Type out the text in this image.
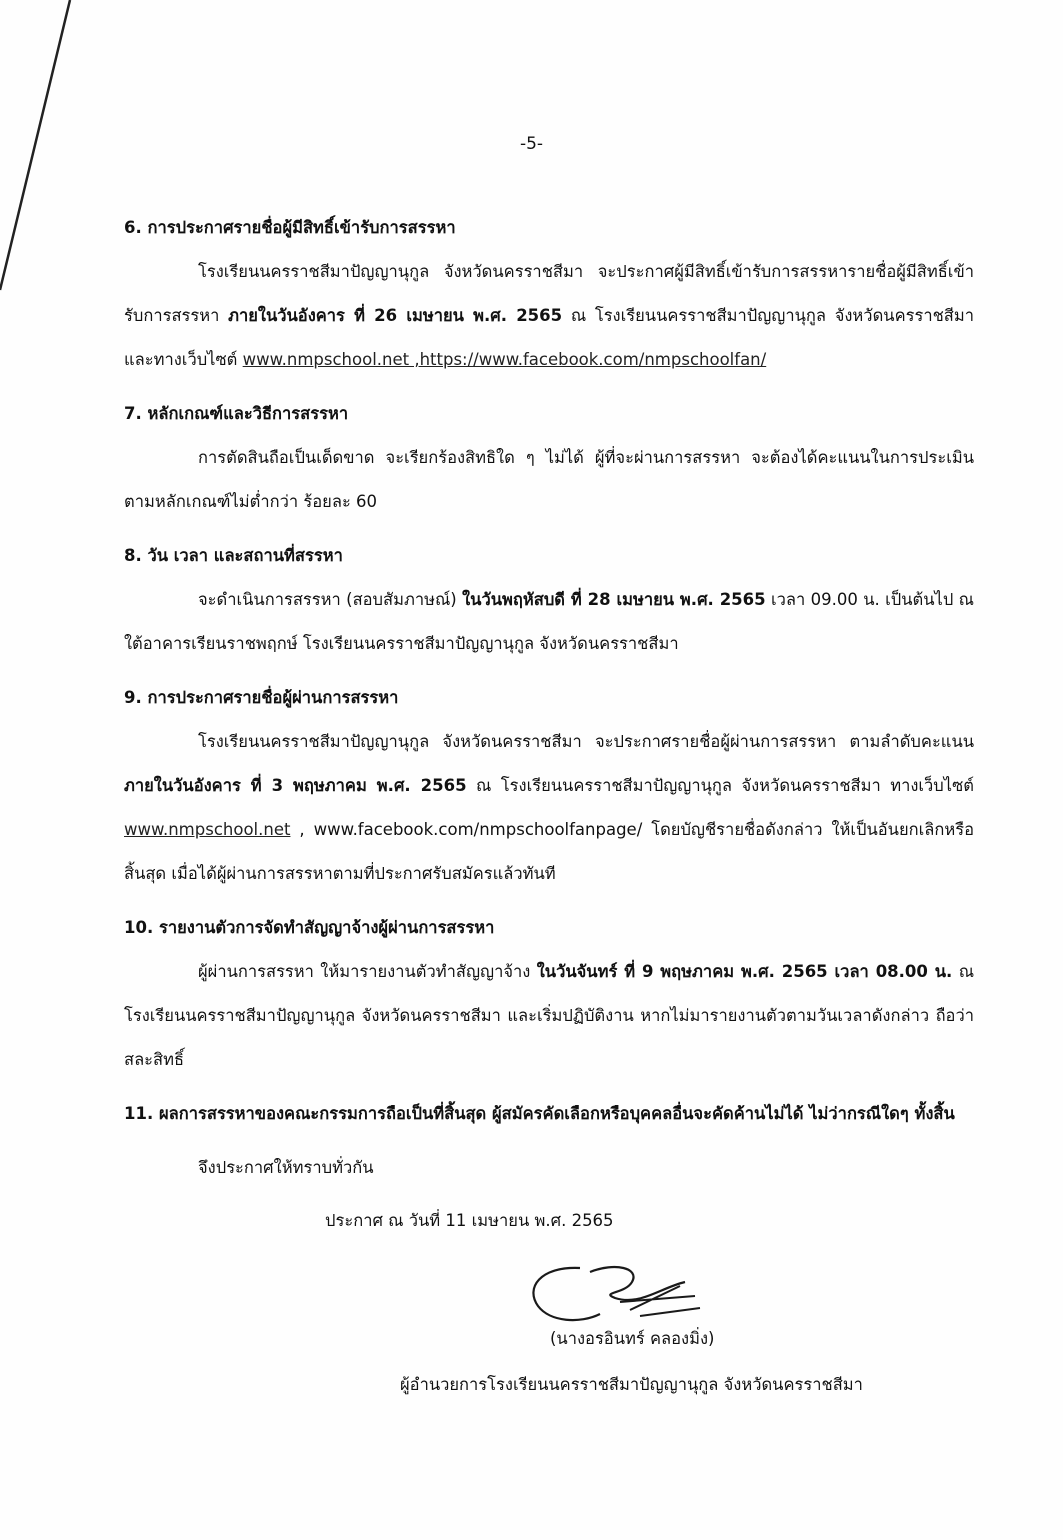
-5-

6. การประกาศรายชื่อผู้มีสิทธิ์เข้ารับการสรรหา

โรงเรียนนครราชสีมาปัญญานุกูล จังหวัดนครราชสีมา จะประกาศผู้มีสิทธิ์เข้ารับการสรรหารายชื่อผู้มีสิทธิ์เข้ารับการสรรหา ภายในวันอังคาร ที่ 26 เมษายน พ.ศ. 2565 ณ โรงเรียนนครราชสีมาปัญญานุกูล จังหวัดนครราชสีมา และทางเว็บไซต์ www.nmpschool.net ,https://www.facebook.com/nmpschoolfan/

7. หลักเกณฑ์และวิธีการสรรหา

การตัดสินถือเป็นเด็ดขาด จะเรียกร้องสิทธิใด ๆ ไม่ได้ ผู้ที่จะผ่านการสรรหา จะต้องได้คะแนนในการประเมินตามหลักเกณฑ์ไม่ต่ำกว่า ร้อยละ 60

8. วัน เวลา และสถานที่สรรหา

จะดำเนินการสรรหา (สอบสัมภาษณ์) ในวันพฤหัสบดี ที่ 28 เมษายน พ.ศ. 2565 เวลา 09.00 น. เป็นต้นไป ณ ใต้อาคารเรียนราชพฤกษ์ โรงเรียนนครราชสีมาปัญญานุกูล จังหวัดนครราชสีมา

9. การประกาศรายชื่อผู้ผ่านการสรรหา

โรงเรียนนครราชสีมาปัญญานุกูล จังหวัดนครราชสีมา จะประกาศรายชื่อผู้ผ่านการสรรหา ตามลำดับคะแนน ภายในวันอังคาร ที่ 3 พฤษภาคม พ.ศ. 2565 ณ โรงเรียนนครราชสีมาปัญญานุกูล จังหวัดนครราชสีมา ทางเว็บไซต์ www.nmpschool.net , www.facebook.com/nmpschoolfanpage/ โดยบัญชีรายชื่อดังกล่าว ให้เป็นอันยกเลิกหรือสิ้นสุด เมื่อได้ผู้ผ่านการสรรหาตามที่ประกาศรับสมัครแล้วทันที

10. รายงานตัวการจัดทำสัญญาจ้างผู้ผ่านการสรรหา

ผู้ผ่านการสรรหา ให้มารายงานตัวทำสัญญาจ้าง ในวันจันทร์ ที่ 9 พฤษภาคม พ.ศ. 2565 เวลา 08.00 น. ณ โรงเรียนนครราชสีมาปัญญานุกูล จังหวัดนครราชสีมา และเริ่มปฏิบัติงาน หากไม่มารายงานตัวตามวันเวลาดังกล่าว ถือว่าสละสิทธิ์

11. ผลการสรรหาของคณะกรรมการถือเป็นที่สิ้นสุด ผู้สมัครคัดเลือกหรือบุคคลอื่นจะคัดค้านไม่ได้ ไม่ว่ากรณีใดๆ ทั้งสิ้น

จึงประกาศให้ทราบทั่วกัน

ประกาศ ณ วันที่ 11 เมษายน พ.ศ. 2565
(นางอรอินทร์ คลองมิ่ง)
ผู้อำนวยการโรงเรียนนครราชสีมาปัญญานุกูล จังหวัดนครราชสีมา
